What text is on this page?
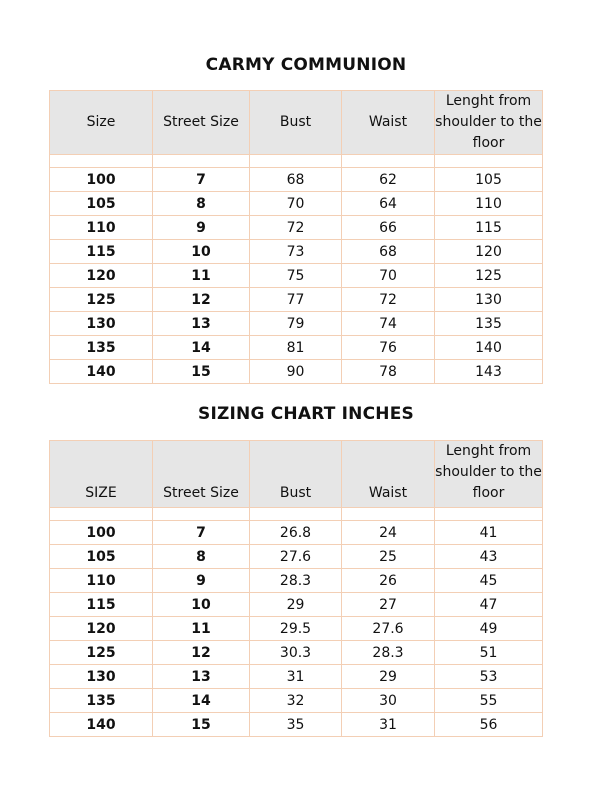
CARMY COMMUNION
Size	Street Size	Bust	Waist	Lenght from shoulder to the floor

100	7	68	62	105
105	8	70	64	110
110	9	72	66	115
115	10	73	68	120
120	11	75	70	125
125	12	77	72	130
130	13	79	74	135
135	14	81	76	140
140	15	90	78	143
SIZING CHART INCHES
SIZE	Street Size	Bust	Waist	Lenght from shoulder to the floor

100	7	26.8	24	41
105	8	27.6	25	43
110	9	28.3	26	45
115	10	29	27	47
120	11	29.5	27.6	49
125	12	30.3	28.3	51
130	13	31	29	53
135	14	32	30	55
140	15	35	31	56
